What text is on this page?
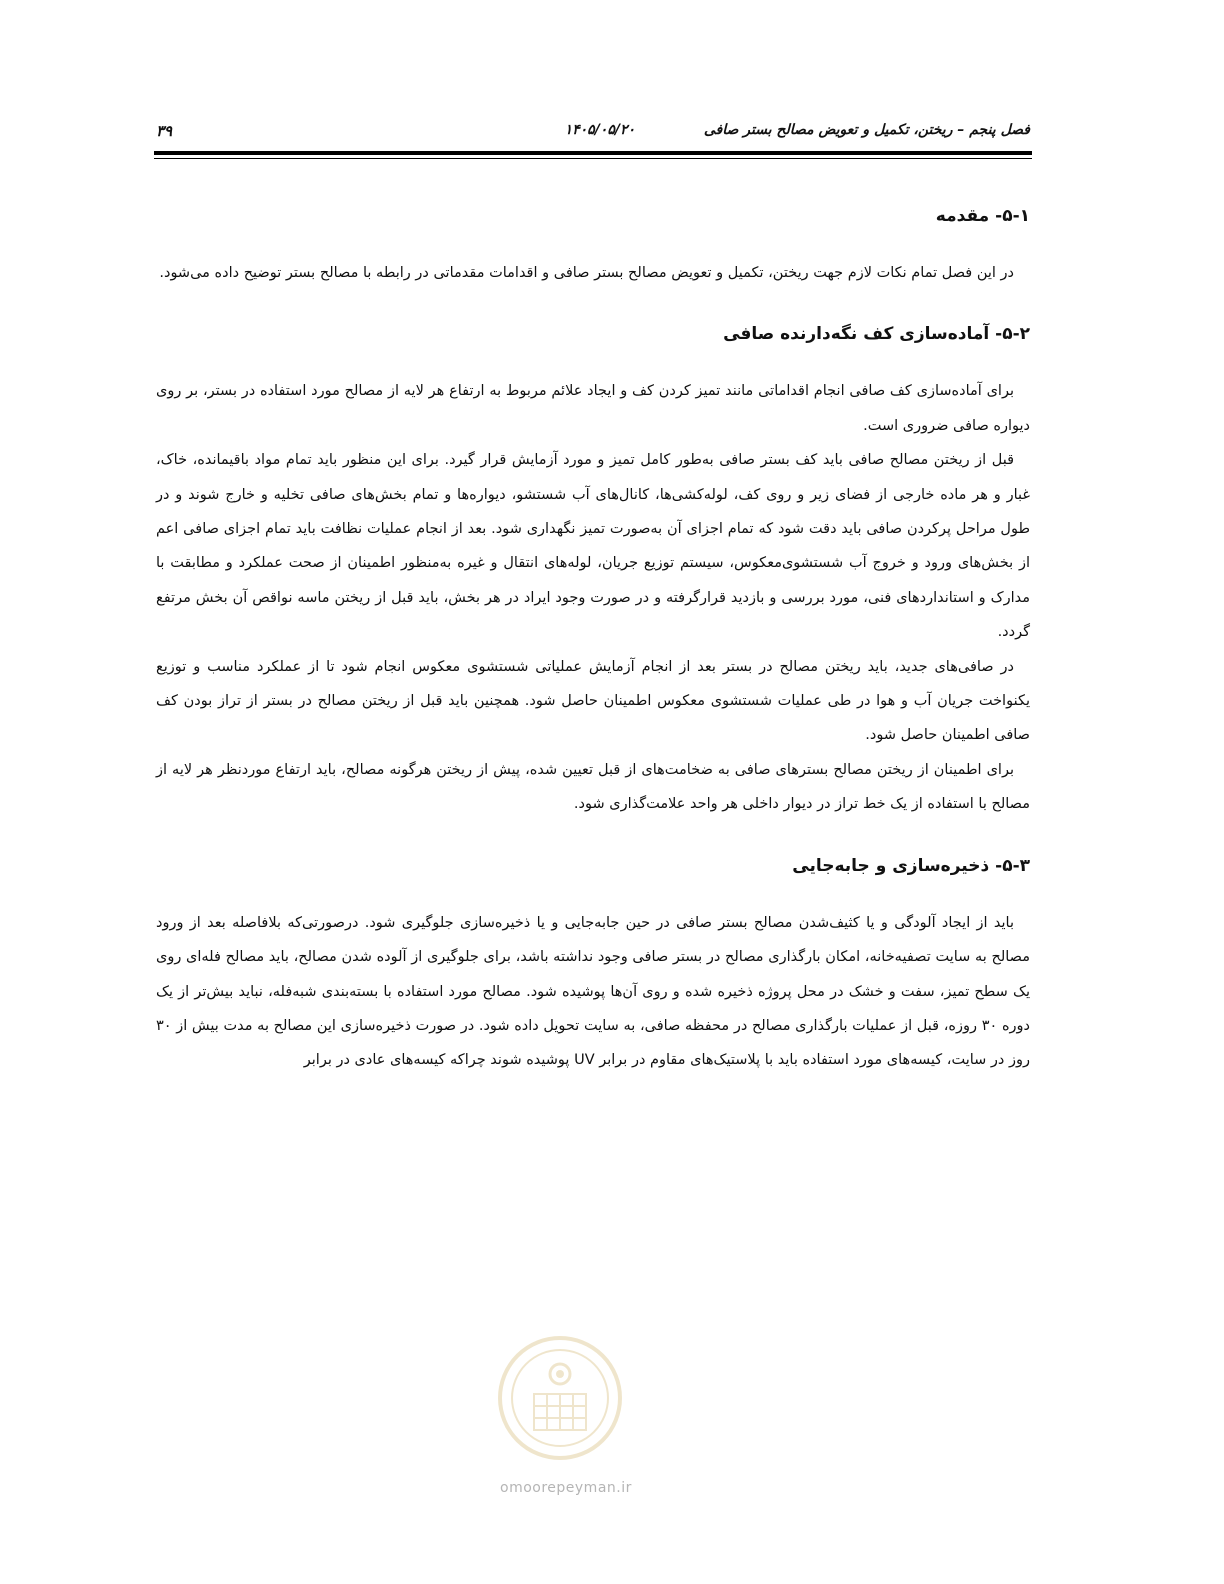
فصل پنجم – ریختن، تکمیل و تعویض مصالح بستر صافی
۱۴۰۵/۰۵/۲۰
۳۹
۵-۱- مقدمه

در این فصل تمام نکات لازم جهت ریختن، تکمیل و تعویض مصالح بستر صافی و اقدامات مقدماتی در رابطه با مصالح بستر توضیح داده می‌شود.

۵-۲- آماده‌سازی کف نگه‌دارنده صافی

برای آماده‌سازی کف صافی انجام اقداماتی مانند تمیز کردن کف و ایجاد علائم مربوط به ارتفاع هر لایه از مصالح مورد استفاده در بستر، بر روی دیواره صافی ضروری است.

قبل از ریختن مصالح صافی باید کف بستر صافی به‌طور کامل تمیز و مورد آزمایش قرار گیرد. برای این منظور باید تمام مواد باقیمانده، خاک، غبار و هر ماده خارجی از فضای زیر و روی کف، لوله‌کشی‌ها، کانال‌های آب شستشو، دیواره‌ها و تمام بخش‌های صافی تخلیه و خارج شوند و در طول مراحل پرکردن صافی باید دقت شود که تمام اجزای آن به‌صورت تمیز نگهداری شود. بعد از انجام عملیات نظافت باید تمام اجزای صافی اعم از بخش‌های ورود و خروج آب شستشوی‌معکوس، سیستم توزیع جریان، لوله‌های انتقال و غیره به‌منظور اطمینان از صحت عملکرد و مطابقت با مدارک و استانداردهای فنی، مورد بررسی و بازدید قرارگرفته و در صورت وجود ایراد در هر بخش، باید قبل از ریختن ماسه نواقص آن بخش مرتفع گردد.

در صافی‌های جدید، باید ریختن مصالح در بستر بعد از انجام آزمایش عملیاتی شستشوی معکوس انجام شود تا از عملکرد مناسب و توزیع یکنواخت جریان آب و هوا در طی عملیات شستشوی معکوس اطمینان حاصل شود. همچنین باید قبل از ریختن مصالح در بستر از تراز بودن کف صافی اطمینان حاصل شود.

برای اطمینان از ریختن مصالح بسترهای صافی به ضخامت‌های از قبل تعیین شده، پیش از ریختن هرگونه مصالح، باید ارتفاع موردنظر هر لایه از مصالح با استفاده از یک خط تراز در دیوار داخلی هر واحد علامت‌گذاری شود.

۵-۳- ذخیره‌سازی و جابه‌جایی

باید از ایجاد آلودگی و یا کثیف‌شدن مصالح بستر صافی در حین جابه‌جایی و یا ذخیره‌سازی جلوگیری شود. درصورتی‌که بلافاصله بعد از ورود مصالح به سایت تصفیه‌خانه، امکان بارگذاری مصالح در بستر صافی وجود نداشته باشد، برای جلوگیری از آلوده شدن مصالح، باید مصالح فله‌ای روی یک سطح تمیز، سفت و خشک در محل پروژه ذخیره شده و روی آن‌ها پوشیده شود. مصالح مورد استفاده با بسته‌بندی شبه‌فله، نباید بیش‌تر از یک دوره ۳۰ روزه، قبل از عملیات بارگذاری مصالح در محفظه صافی، به سایت تحویل داده شود. در صورت ذخیره‌سازی این مصالح به مدت بیش از ۳۰ روز در سایت، کیسه‌های مورد استفاده باید با پلاستیک‌های مقاوم در برابر UV پوشیده شوند چراکه کیسه‌های عادی در برابر

omoorepeyman.ir
